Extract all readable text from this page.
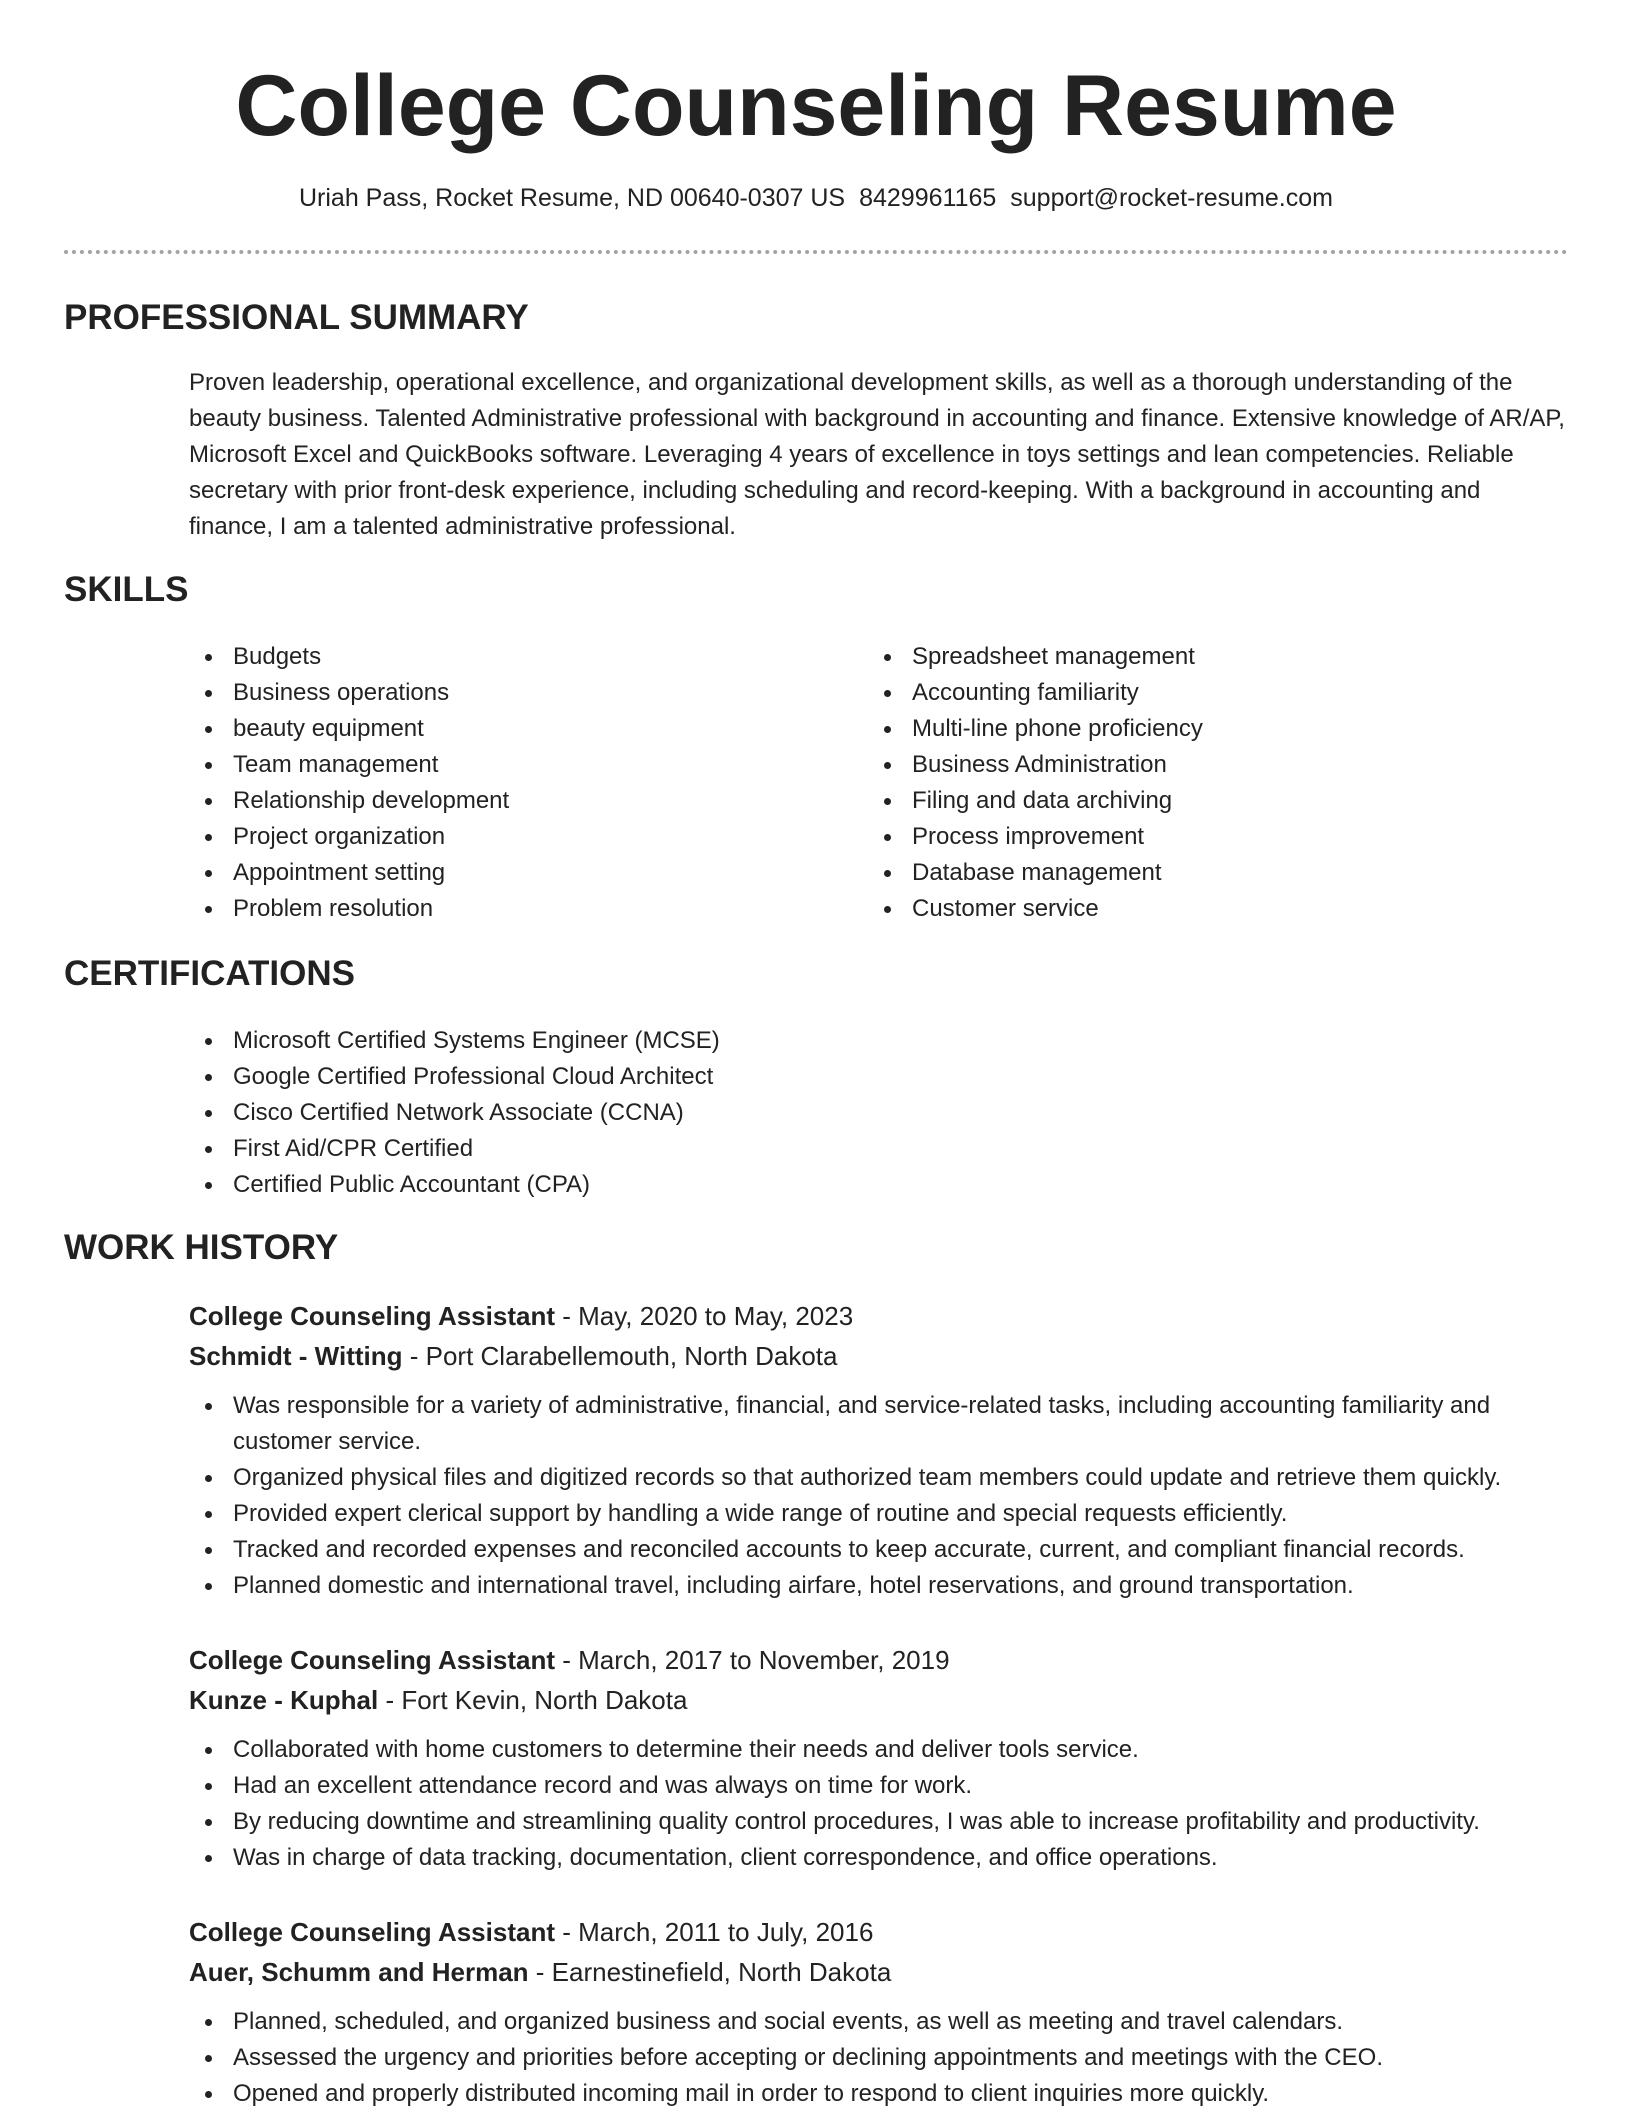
College Counseling Resume
Uriah Pass, Rocket Resume, ND 00640-0307 US 8429961165 support@rocket-resume.com
PROFESSIONAL SUMMARY

Proven leadership, operational excellence, and organizational development skills, as well as a thorough understanding of the beauty business. Talented Administrative professional with background in accounting and finance. Extensive knowledge of AR/AP, Microsoft Excel and QuickBooks software. Leveraging 4 years of excellence in toys settings and lean competencies. Reliable secretary with prior front-desk experience, including scheduling and record-keeping. With a background in accounting and finance, I am a talented administrative professional.

SKILLS
Budgets
Business operations
beauty equipment
Team management
Relationship development
Project organization
Appointment setting
Problem resolution
Spreadsheet management
Accounting familiarity
Multi-line phone proficiency
Business Administration
Filing and data archiving
Process improvement
Database management
Customer service
CERTIFICATIONS
Microsoft Certified Systems Engineer (MCSE)
Google Certified Professional Cloud Architect
Cisco Certified Network Associate (CCNA)
First Aid/CPR Certified
Certified Public Accountant (CPA)
WORK HISTORY
College Counseling Assistant - May, 2020 to May, 2023
Schmidt - Witting - Port Clarabellemouth, North Dakota
Was responsible for a variety of administrative, financial, and service-related tasks, including accounting familiarity and customer service.
Organized physical files and digitized records so that authorized team members could update and retrieve them quickly.
Provided expert clerical support by handling a wide range of routine and special requests efficiently.
Tracked and recorded expenses and reconciled accounts to keep accurate, current, and compliant financial records.
Planned domestic and international travel, including airfare, hotel reservations, and ground transportation.
College Counseling Assistant - March, 2017 to November, 2019
Kunze - Kuphal - Fort Kevin, North Dakota
Collaborated with home customers to determine their needs and deliver tools service.
Had an excellent attendance record and was always on time for work.
By reducing downtime and streamlining quality control procedures, I was able to increase profitability and productivity.
Was in charge of data tracking, documentation, client correspondence, and office operations.
College Counseling Assistant - March, 2011 to July, 2016
Auer, Schumm and Herman - Earnestinefield, North Dakota
Planned, scheduled, and organized business and social events, as well as meeting and travel calendars.
Assessed the urgency and priorities before accepting or declining appointments and meetings with the CEO.
Opened and properly distributed incoming mail in order to respond to client inquiries more quickly.
